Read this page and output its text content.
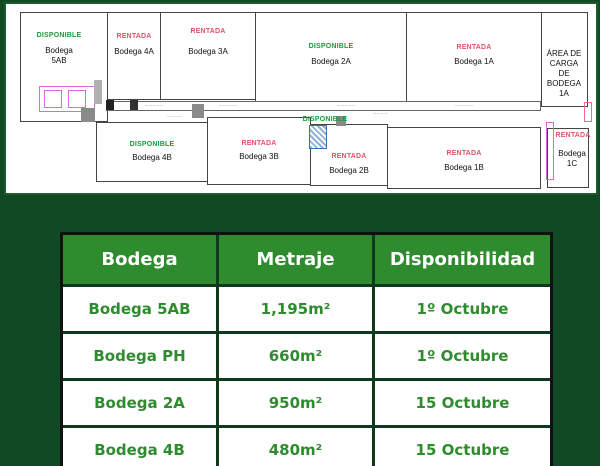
— — — — —	— — — — —	— — — — —	— — — — —
— — — —
— — — —
DISPONIBLE
Bodega
5AB
RENTADA
Bodega 4A
RENTADA
Bodega 3A
DISPONIBLE
Bodega 2A
RENTADA
Bodega 1A
ÁREA DE
CARGA
DE
BODEGA
1A
DISPONIBLE
Bodega 4B
RENTADA
Bodega 3B
DISPONIBLE
RENTADA
Bodega 2B
RENTADA
Bodega 1B
RENTADA
Bodega
1C
Bodega	Metraje	Disponibilidad
Bodega 5AB	1,195m²	1º Octubre
Bodega PH	660m²	1º Octubre
Bodega 2A	950m²	15 Octubre
Bodega 4B	480m²	15 Octubre
